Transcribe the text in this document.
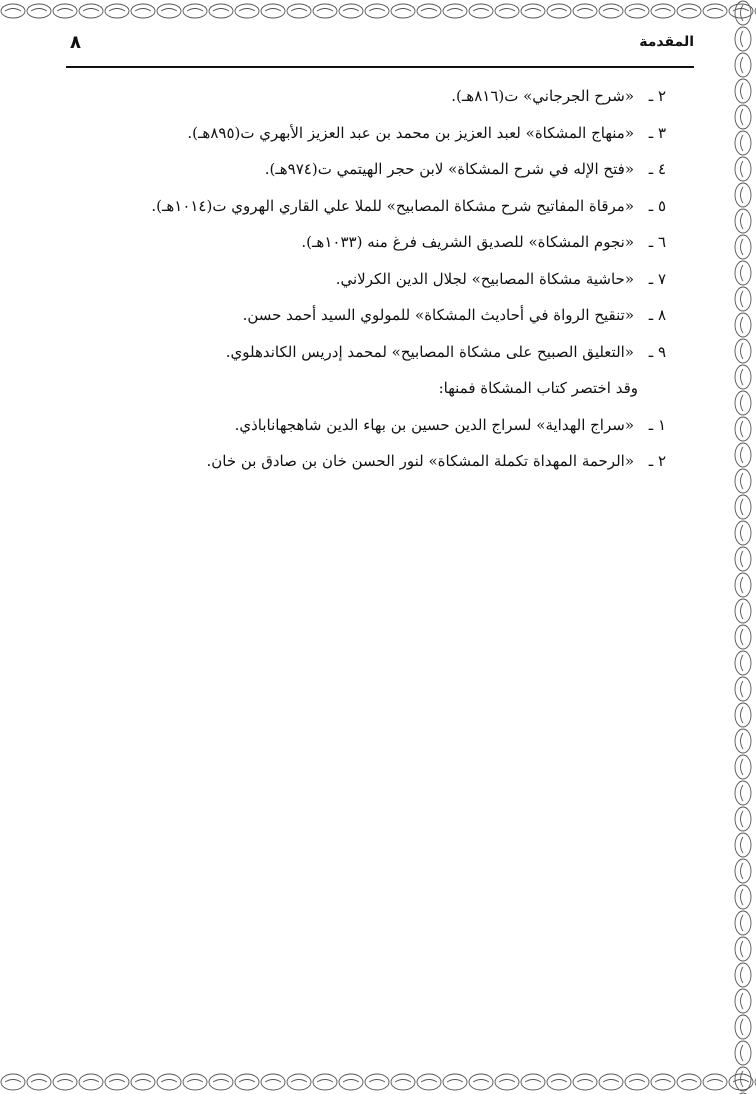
المقدمة
٨
٢ ـ«شرح الجرجاني» ت(٨١٦هـ).
٣ ـ«منهاج المشكاة» لعبد العزيز بن محمد بن عبد العزيز الأبهري ت(٨٩٥هـ).
٤ ـ«فتح الإله في شرح المشكاة» لابن حجر الهيتمي ت(٩٧٤هـ).
٥ ـ«مرقاة المفاتيح شرح مشكاة المصابيح» للملا علي القاري الهروي ت(١٠١٤هـ).
٦ ـ«نجوم المشكاة» للصديق الشريف فرغ منه (١٠٣٣هـ).
٧ ـ«حاشية مشكاة المصابيح» لجلال الدين الكرلاني.
٨ ـ«تنقيح الرواة في أحاديث المشكاة» للمولوي السيد أحمد حسن.
٩ ـ«التعليق الصبيح على مشكاة المصابيح» لمحمد إدريس الكاندهلوي.
وقد اختصر كتاب المشكاة فمنها:
١ ـ«سراج الهداية» لسراج الدين حسين بن بهاء الدين شاهجهاناباذي.
٢ ـ«الرحمة المهداة تكملة المشكاة» لنور الحسن خان بن صادق بن خان.
